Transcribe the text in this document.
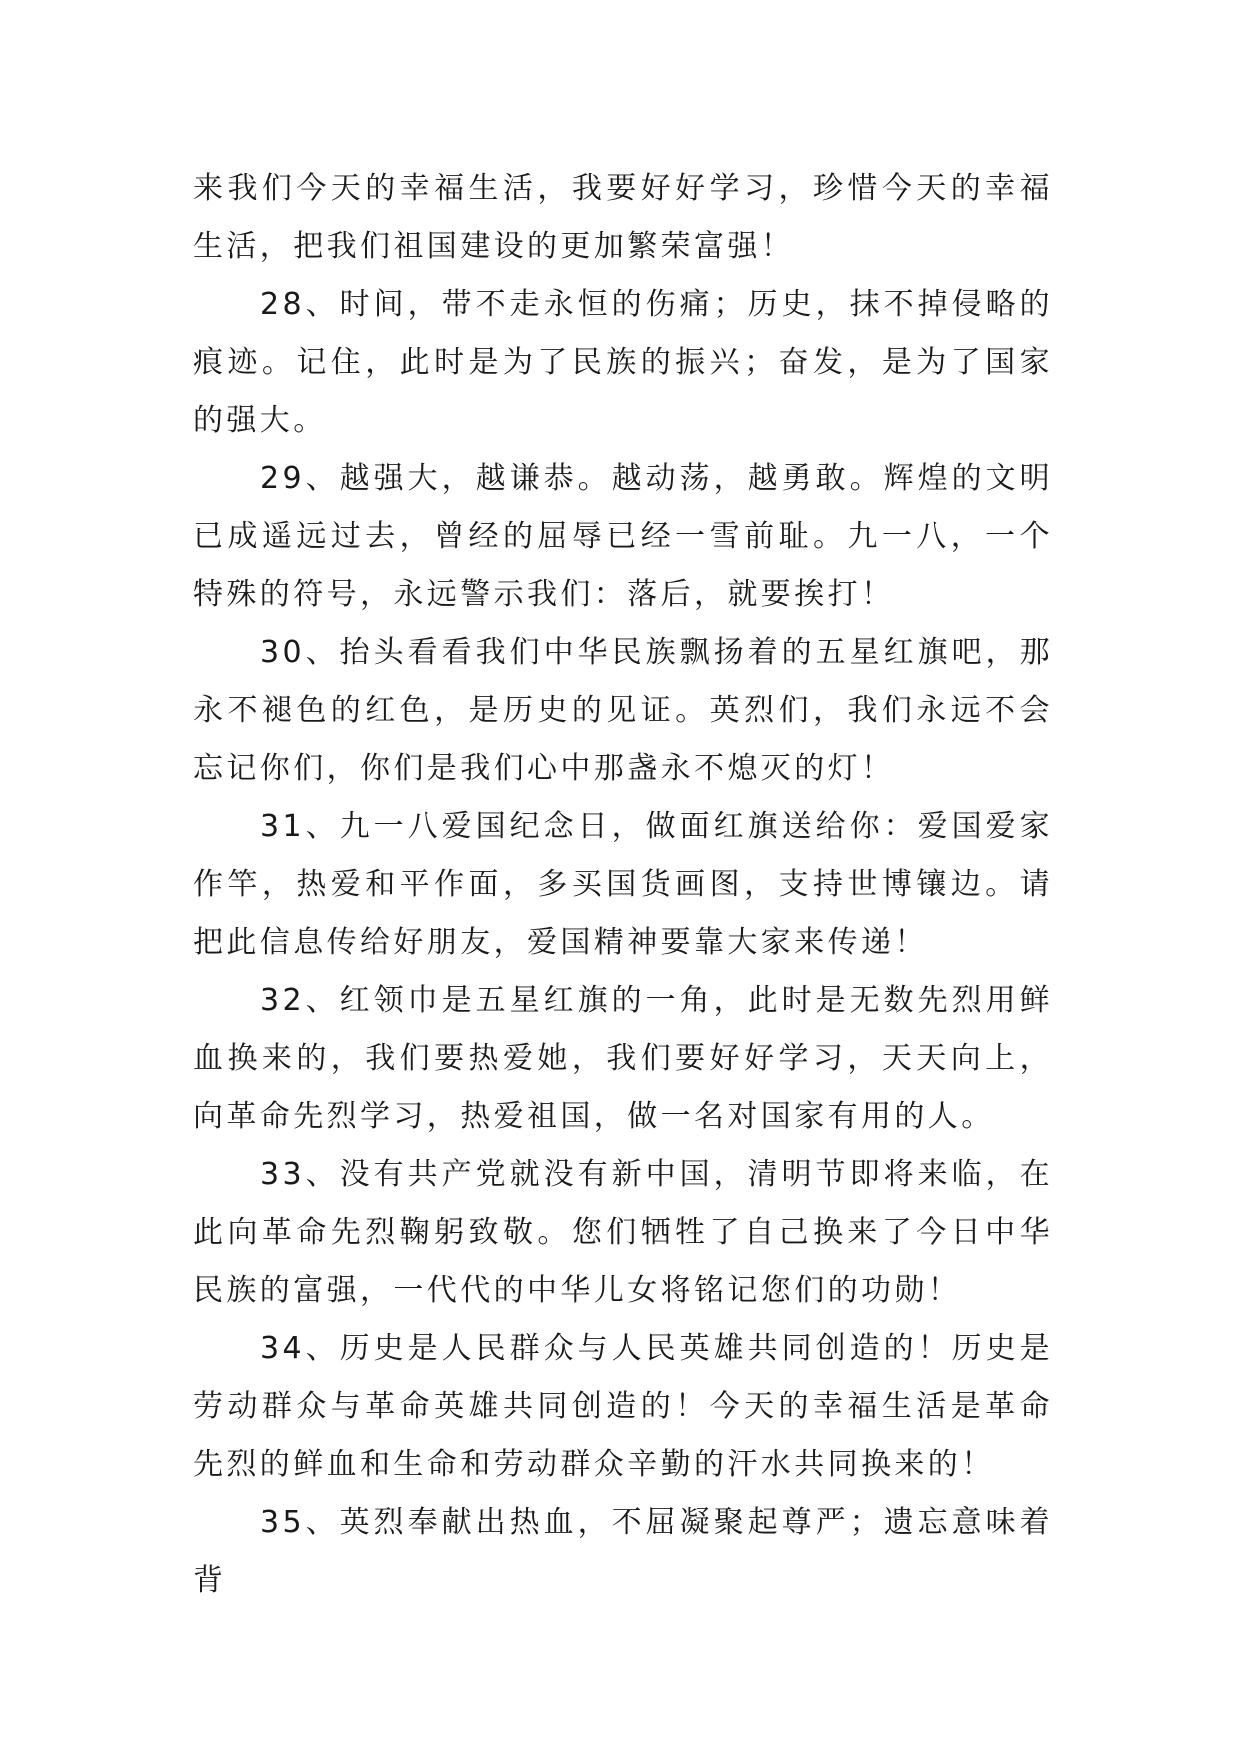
来我们今天的幸福生活，我要好好学习，珍惜今天的幸福生活，把我们祖国建设的更加繁荣富强！

28、时间，带不走永恒的伤痛；历史，抹不掉侵略的痕迹。记住，此时是为了民族的振兴；奋发，是为了国家的强大。

29、越强大，越谦恭。越动荡，越勇敢。辉煌的文明已成遥远过去，曾经的屈辱已经一雪前耻。九一八，一个特殊的符号，永远警示我们：落后，就要挨打！

30、抬头看看我们中华民族飘扬着的五星红旗吧，那永不褪色的红色，是历史的见证。英烈们，我们永远不会忘记你们，你们是我们心中那盏永不熄灭的灯！

31、九一八爱国纪念日，做面红旗送给你：爱国爱家作竿，热爱和平作面，多买国货画图，支持世博镶边。请把此信息传给好朋友，爱国精神要靠大家来传递！

32、红领巾是五星红旗的一角，此时是无数先烈用鲜血换来的，我们要热爱她，我们要好好学习，天天向上，向革命先烈学习，热爱祖国，做一名对国家有用的人。

33、没有共产党就没有新中国，清明节即将来临，在此向革命先烈鞠躬致敬。您们牺牲了自己换来了今日中华民族的富强，一代代的中华儿女将铭记您们的功勋！

34、历史是人民群众与人民英雄共同创造的！历史是劳动群众与革命英雄共同创造的！今天的幸福生活是革命先烈的鲜血和生命和劳动群众辛勤的汗水共同换来的！

35、英烈奉献出热血，不屈凝聚起尊严；遗忘意味着背
